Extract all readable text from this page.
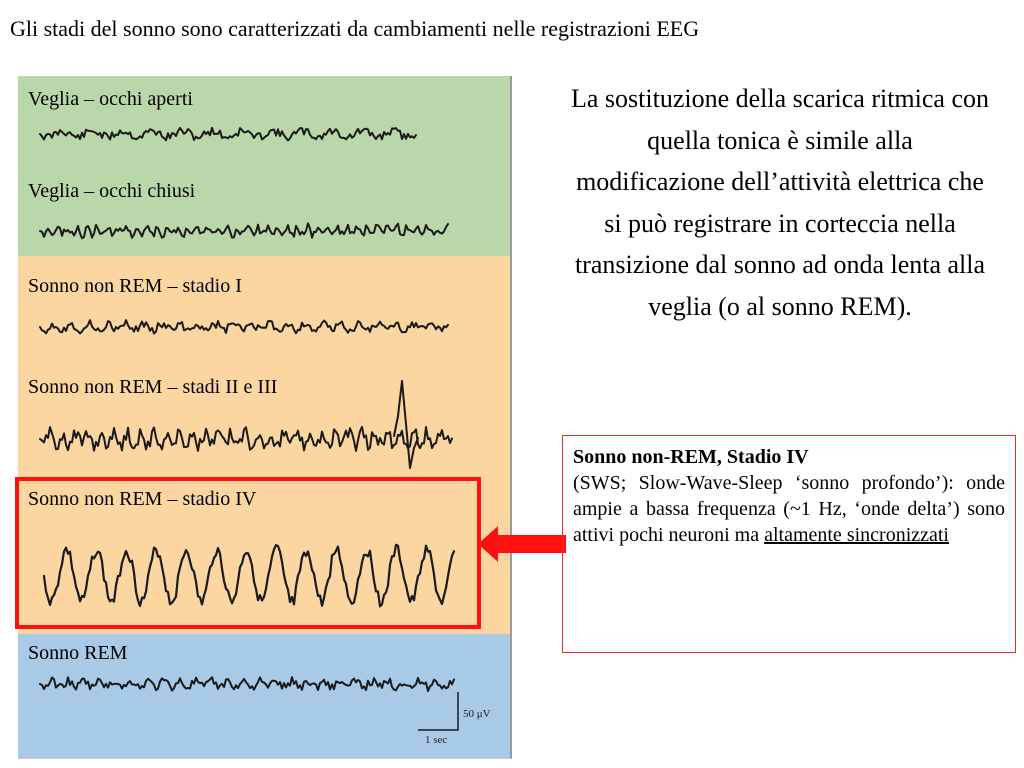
Gli stadi del sonno sono caratterizzati da cambiamenti nelle registrazioni EEG
Veglia – occhi aperti
Veglia – occhi chiusi
Sonno non REM – stadio I
Sonno non REM – stadi II e III
Sonno non REM – stadio IV
Sonno REM
50 μV
1 sec
La sostituzione della scarica ritmica con quella tonica è simile alla modificazione dell’attività elettrica che si può registrare in corteccia nella transizione dal sonno ad onda lenta alla veglia (o al sonno REM).
Sonno non-REM, Stadio IV
(SWS; Slow-Wave-Sleep ‘sonno profondo’): onde ampie a bassa frequenza (~1 Hz, ‘onde delta’) sono attivi pochi neuroni ma altamente sincronizzati
